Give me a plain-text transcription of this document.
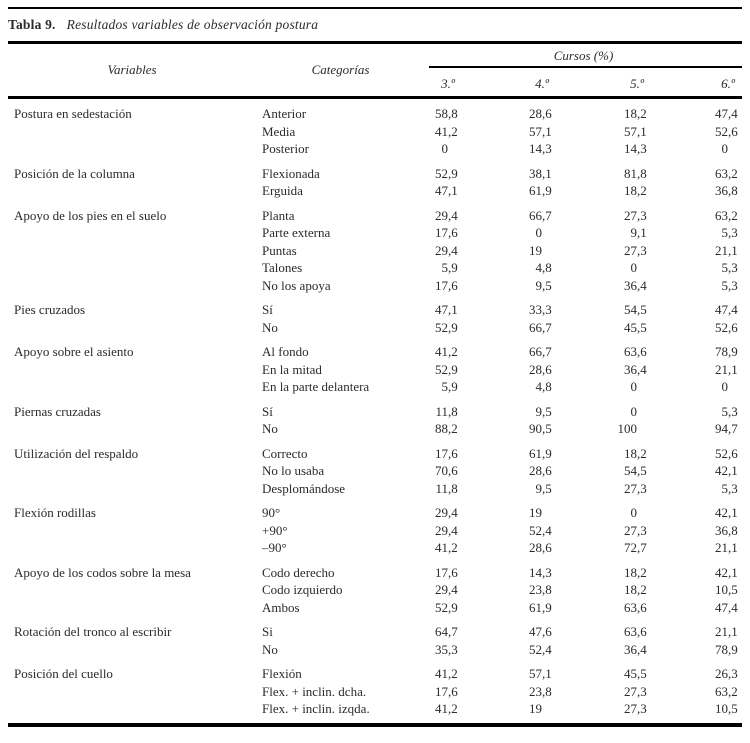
Tabla 9. Resultados variables de observación postura
Variables	Categorías
Cursos (%)
3.º	4.º	5.º	6.º
Postura en sedestación	Anterior	58 ,8	28 ,6	18 ,2	47 ,4
Media	41 ,2	57 ,1	57 ,1	52 ,6
Posterior	0	14 ,3	14 ,3	0
Posición de la columna	Flexionada	52 ,9	38 ,1	81 ,8	63 ,2
Erguida	47 ,1	61 ,9	18 ,2	36 ,8
Apoyo de los pies en el suelo	Planta	29 ,4	66 ,7	27 ,3	63 ,2
Parte externa	17 ,6	0	9 ,1	5 ,3
Puntas	29 ,4	19	27 ,3	21 ,1
Talones	5 ,9	4 ,8	0	5 ,3
No los apoya	17 ,6	9 ,5	36 ,4	5 ,3
Pies cruzados	Sí	47 ,1	33 ,3	54 ,5	47 ,4
No	52 ,9	66 ,7	45 ,5	52 ,6
Apoyo sobre el asiento	Al fondo	41 ,2	66 ,7	63 ,6	78 ,9
En la mitad	52 ,9	28 ,6	36 ,4	21 ,1
En la parte delantera	5 ,9	4 ,8	0	0
Piernas cruzadas	Sí	11 ,8	9 ,5	0	5 ,3
No	88 ,2	90 ,5	100	94 ,7
Utilización del respaldo	Correcto	17 ,6	61 ,9	18 ,2	52 ,6
No lo usaba	70 ,6	28 ,6	54 ,5	42 ,1
Desplomándose	11 ,8	9 ,5	27 ,3	5 ,3
Flexión rodillas	90°	29 ,4	19	0	42 ,1
+90°	29 ,4	52 ,4	27 ,3	36 ,8
–90°	41 ,2	28 ,6	72 ,7	21 ,1
Apoyo de los codos sobre la mesa	Codo derecho	17 ,6	14 ,3	18 ,2	42 ,1
Codo izquierdo	29 ,4	23 ,8	18 ,2	10 ,5
Ambos	52 ,9	61 ,9	63 ,6	47 ,4
Rotación del tronco al escribir	Si	64 ,7	47 ,6	63 ,6	21 ,1
No	35 ,3	52 ,4	36 ,4	78 ,9
Posición del cuello	Flexión	41 ,2	57 ,1	45 ,5	26 ,3
Flex. + inclin. dcha.	17 ,6	23 ,8	27 ,3	63 ,2
Flex. + inclin. izqda.	41 ,2	19	27 ,3	10 ,5
